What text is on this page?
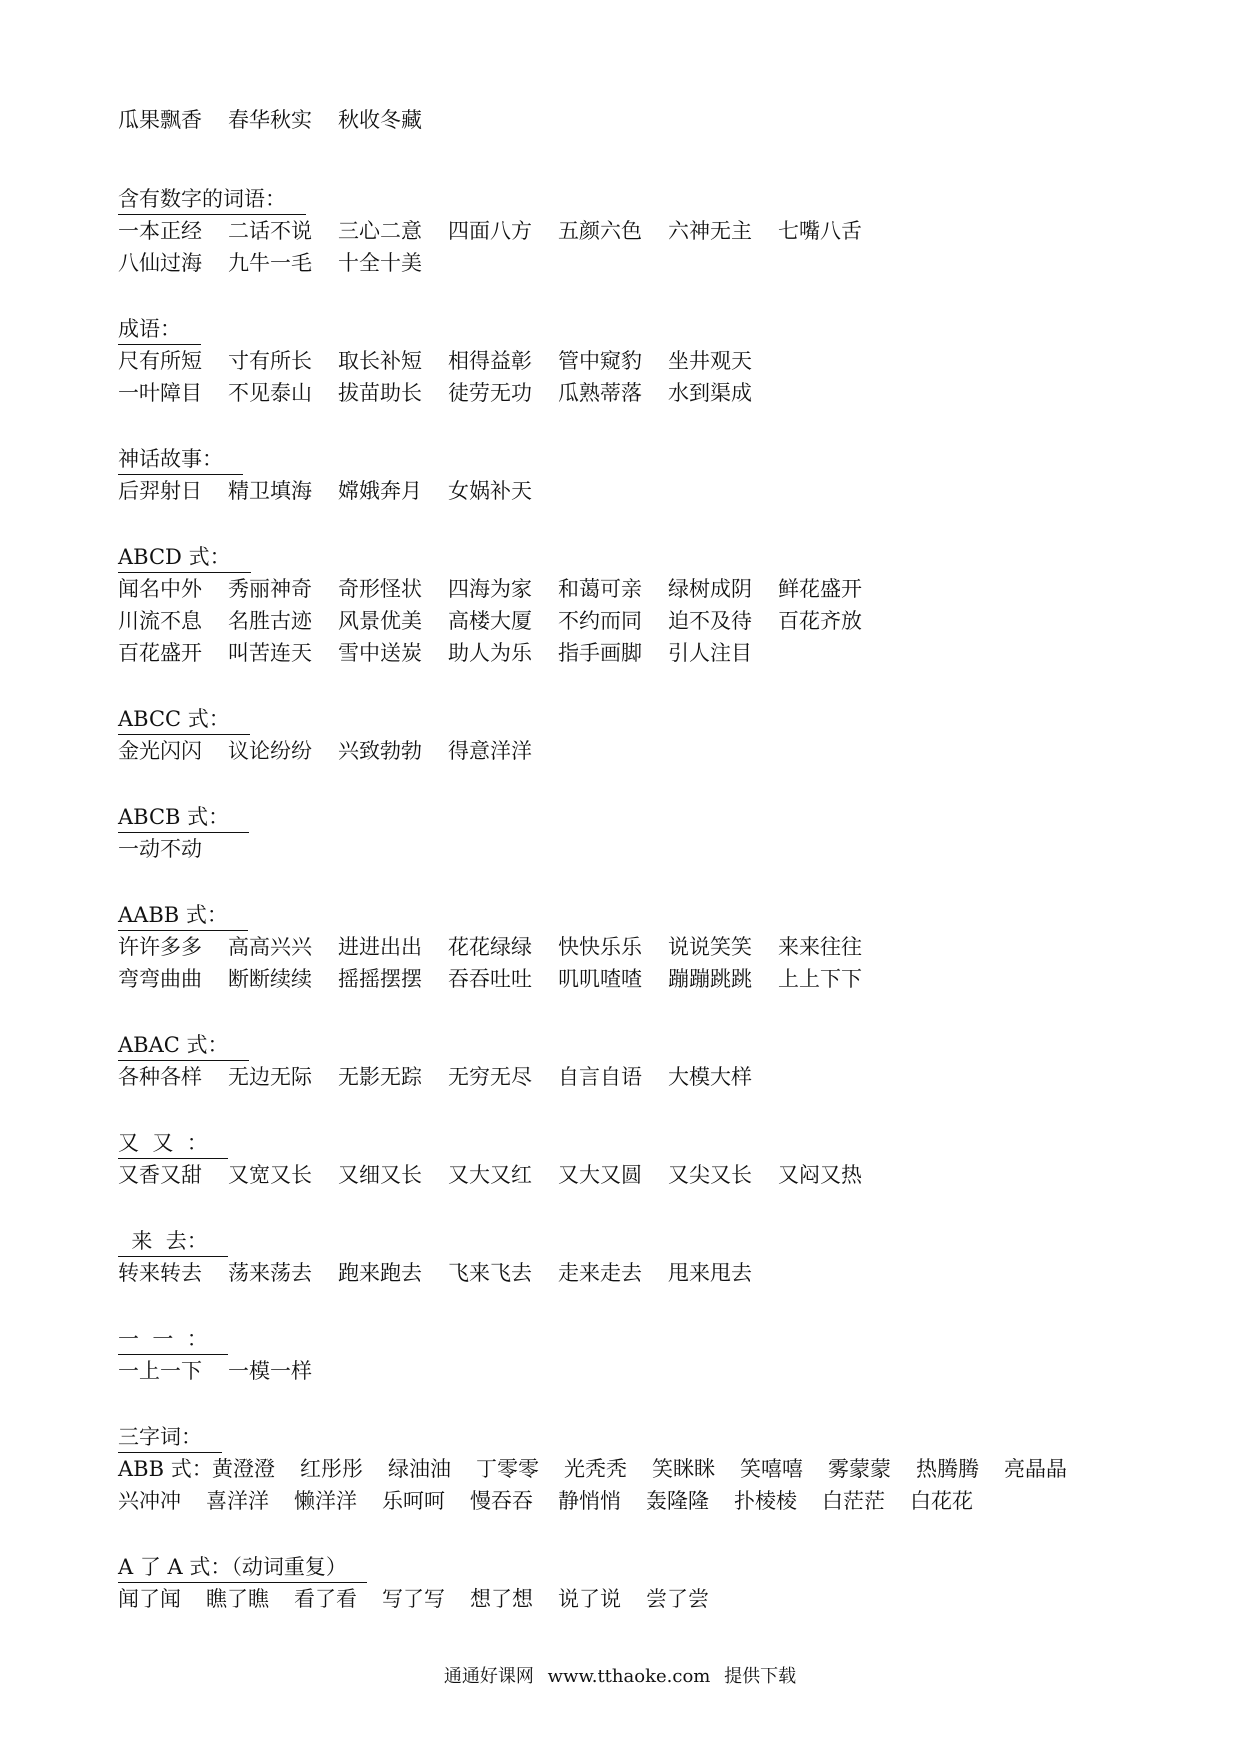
瓜果飘香 春华秋实 秋收冬藏
含有数字的词语：
一本正经 二话不说 三心二意 四面八方 五颜六色 六神无主 七嘴八舌
八仙过海 九牛一毛 十全十美
成语：
尺有所短 寸有所长 取长补短 相得益彰 管中窥豹 坐井观天
一叶障目 不见泰山 拔苗助长 徒劳无功 瓜熟蒂落 水到渠成
神话故事：
后羿射日 精卫填海 嫦娥奔月 女娲补天
ABCD 式：
闻名中外 秀丽神奇 奇形怪状 四海为家 和蔼可亲 绿树成阴 鲜花盛开
川流不息 名胜古迹 风景优美 高楼大厦 不约而同 迫不及待 百花齐放
百花盛开 叫苦连天 雪中送炭 助人为乐 指手画脚 引人注目
ABCC 式：
金光闪闪 议论纷纷 兴致勃勃 得意洋洋
ABCB 式：
一动不动
AABB 式：
许许多多 高高兴兴 进进出出 花花绿绿 快快乐乐 说说笑笑 来来往往
弯弯曲曲 断断续续 摇摇摆摆 吞吞吐吐 叽叽喳喳 蹦蹦跳跳 上上下下
ABAC 式：
各种各样 无边无际 无影无踪 无穷无尽 自言自语 大模大样
又  又  ：
又香又甜 又宽又长 又细又长 又大又红 又大又圆 又尖又长 又闷又热
来  去：
转来转去 荡来荡去 跑来跑去 飞来飞去 走来走去 甩来甩去
一  一  ：
一上一下 一模一样
三字词：
ABB 式：黄澄澄 红彤彤 绿油油 丁零零 光秃秃 笑眯眯 笑嘻嘻 雾蒙蒙 热腾腾 亮晶晶
兴冲冲 喜洋洋 懒洋洋 乐呵呵 慢吞吞 静悄悄 轰隆隆 扑棱棱 白茫茫 白花花
A 了 A 式：（动词重复）
闻了闻 瞧了瞧 看了看 写了写 想了想 说了说 尝了尝
通通好课网 www.tthaoke.com 提供下载
